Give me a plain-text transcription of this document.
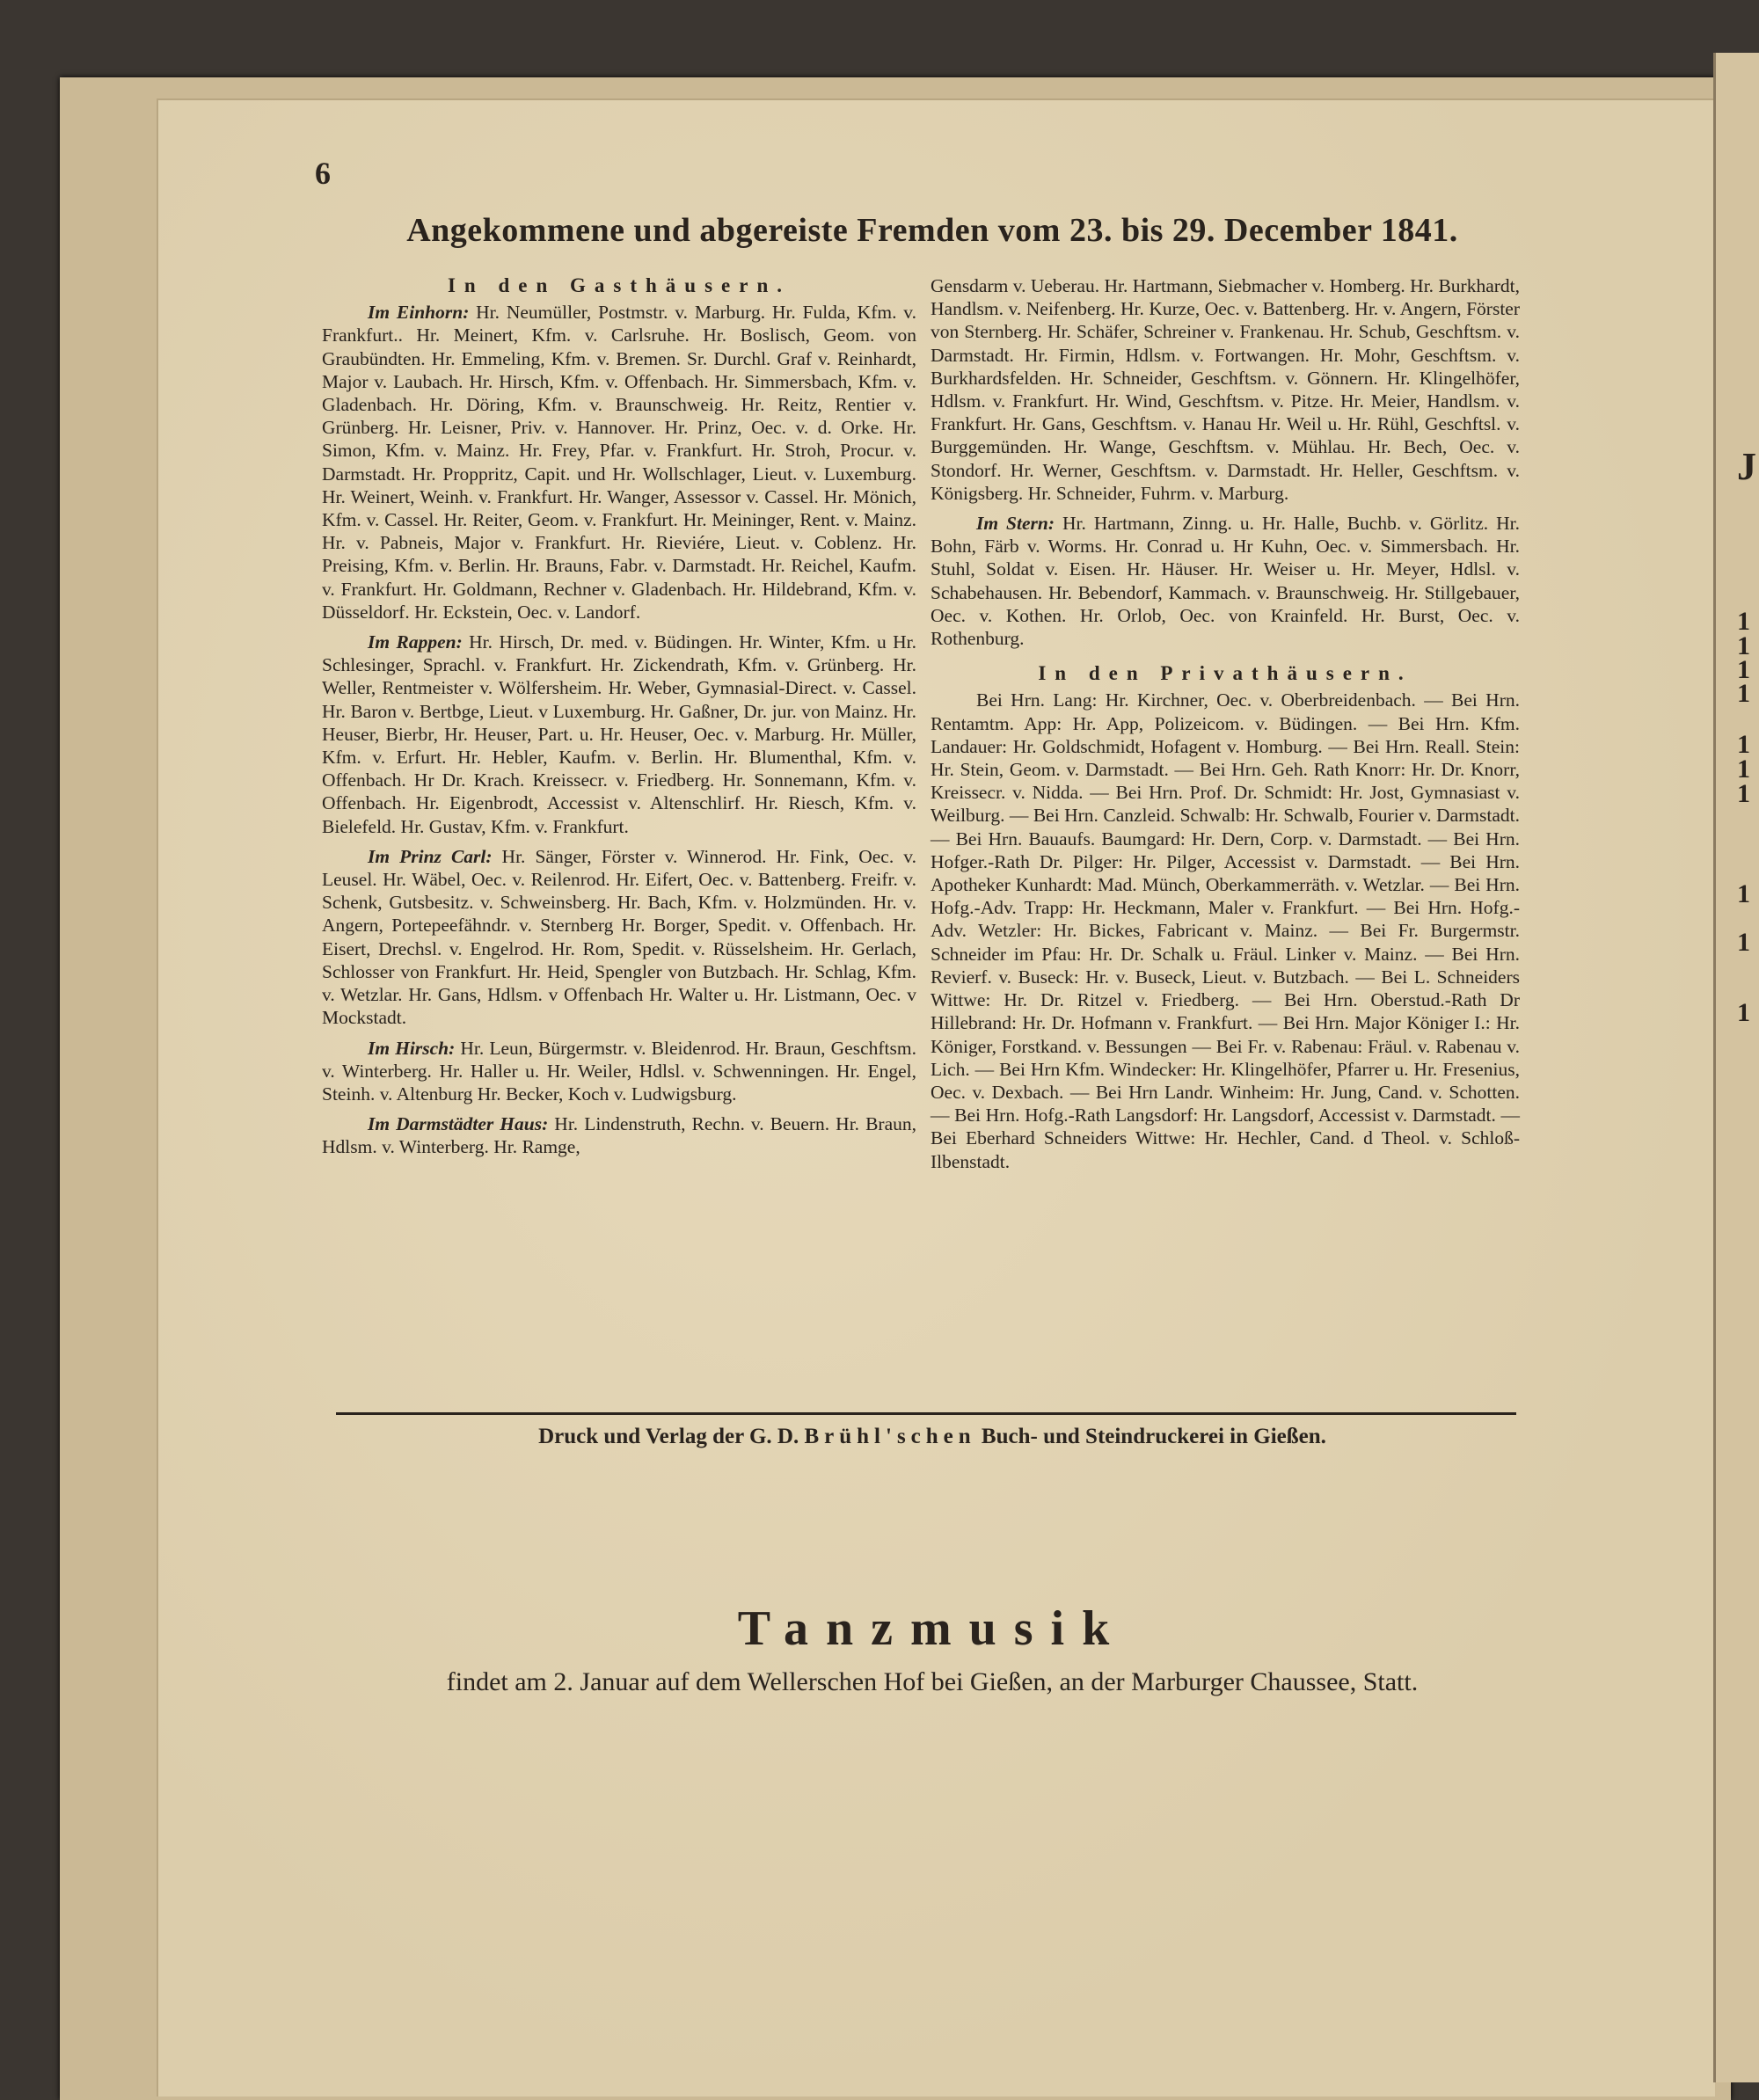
J
1
1
1
1
1
1
1
1
1
1
6
Angekommene und abgereiste Fremden vom 23. bis 29. December 1841.
In den Gasthäusern.

Im Einhorn: Hr. Neumüller, Postmstr. v. Marburg. Hr. Fulda, Kfm. v. Frankfurt.. Hr. Meinert, Kfm. v. Carlsruhe. Hr. Boslisch, Geom. von Graubündten. Hr. Emmeling, Kfm. v. Bremen. Sr. Durchl. Graf v. Reinhardt, Major v. Laubach. Hr. Hirsch, Kfm. v. Offenbach. Hr. Simmersbach, Kfm. v. Gladenbach. Hr. Döring, Kfm. v. Braunschweig. Hr. Reitz, Rentier v. Grünberg. Hr. Leisner, Priv. v. Hannover. Hr. Prinz, Oec. v. d. Orke. Hr. Simon, Kfm. v. Mainz. Hr. Frey, Pfar. v. Frankfurt. Hr. Stroh, Procur. v. Darmstadt. Hr. Proppritz, Capit. und Hr. Wollschlager, Lieut. v. Luxemburg. Hr. Weinert, Weinh. v. Frankfurt. Hr. Wanger, Assessor v. Cassel. Hr. Mönich, Kfm. v. Cassel. Hr. Reiter, Geom. v. Frankfurt. Hr. Meininger, Rent. v. Mainz. Hr. v. Pabneis, Major v. Frankfurt. Hr. Rieviére, Lieut. v. Coblenz. Hr. Preising, Kfm. v. Berlin. Hr. Brauns, Fabr. v. Darmstadt. Hr. Reichel, Kaufm. v. Frankfurt. Hr. Goldmann, Rechner v. Gladenbach. Hr. Hildebrand, Kfm. v. Düsseldorf. Hr. Eckstein, Oec. v. Landorf.

Im Rappen: Hr. Hirsch, Dr. med. v. Büdingen. Hr. Winter, Kfm. u Hr. Schlesinger, Sprachl. v. Frankfurt. Hr. Zickendrath, Kfm. v. Grünberg. Hr. Weller, Rentmeister v. Wölfersheim. Hr. Weber, Gymnasial-Direct. v. Cassel. Hr. Baron v. Bertbge, Lieut. v Luxemburg. Hr. Gaßner, Dr. jur. von Mainz. Hr. Heuser, Bierbr, Hr. Heuser, Part. u. Hr. Heuser, Oec. v. Marburg. Hr. Müller, Kfm. v. Erfurt. Hr. Hebler, Kaufm. v. Berlin. Hr. Blumenthal, Kfm. v. Offenbach. Hr Dr. Krach. Kreissecr. v. Friedberg. Hr. Sonnemann, Kfm. v. Offenbach. Hr. Eigenbrodt, Accessist v. Altenschlirf. Hr. Riesch, Kfm. v. Bielefeld. Hr. Gustav, Kfm. v. Frankfurt.

Im Prinz Carl: Hr. Sänger, Förster v. Winnerod. Hr. Fink, Oec. v. Leusel. Hr. Wäbel, Oec. v. Reilenrod. Hr. Eifert, Oec. v. Battenberg. Freifr. v. Schenk, Gutsbesitz. v. Schweinsberg. Hr. Bach, Kfm. v. Holzmünden. Hr. v. Angern, Portepeefähndr. v. Sternberg Hr. Borger, Spedit. v. Offenbach. Hr. Eisert, Drechsl. v. Engelrod. Hr. Rom, Spedit. v. Rüsselsheim. Hr. Gerlach, Schlosser von Frankfurt. Hr. Heid, Spengler von Butzbach. Hr. Schlag, Kfm. v. Wetzlar. Hr. Gans, Hdlsm. v Offenbach Hr. Walter u. Hr. Listmann, Oec. v Mockstadt.

Im Hirsch: Hr. Leun, Bürgermstr. v. Bleidenrod. Hr. Braun, Geschftsm. v. Winterberg. Hr. Haller u. Hr. Weiler, Hdlsl. v. Schwenningen. Hr. Engel, Steinh. v. Altenburg Hr. Becker, Koch v. Ludwigsburg.

Im Darmstädter Haus: Hr. Lindenstruth, Rechn. v. Beuern. Hr. Braun, Hdlsm. v. Winterberg. Hr. Ramge,

Gensdarm v. Ueberau. Hr. Hartmann, Siebmacher v. Homberg. Hr. Burkhardt, Handlsm. v. Neifenberg. Hr. Kurze, Oec. v. Battenberg. Hr. v. Angern, Förster von Sternberg. Hr. Schäfer, Schreiner v. Frankenau. Hr. Schub, Geschftsm. v. Darmstadt. Hr. Firmin, Hdlsm. v. Fortwangen. Hr. Mohr, Geschftsm. v. Burkhardsfelden. Hr. Schneider, Geschftsm. v. Gönnern. Hr. Klingelhöfer, Hdlsm. v. Frankfurt. Hr. Wind, Geschftsm. v. Pitze. Hr. Meier, Handlsm. v. Frankfurt. Hr. Gans, Geschftsm. v. Hanau Hr. Weil u. Hr. Rühl, Geschftsl. v. Burggemünden. Hr. Wange, Geschftsm. v. Mühlau. Hr. Bech, Oec. v. Stondorf. Hr. Werner, Geschftsm. v. Darmstadt. Hr. Heller, Geschftsm. v. Königsberg. Hr. Schneider, Fuhrm. v. Marburg.

Im Stern: Hr. Hartmann, Zinng. u. Hr. Halle, Buchb. v. Görlitz. Hr. Bohn, Färb v. Worms. Hr. Conrad u. Hr Kuhn, Oec. v. Simmersbach. Hr. Stuhl, Soldat v. Eisen. Hr. Häuser. Hr. Weiser u. Hr. Meyer, Hdlsl. v. Schabehausen. Hr. Bebendorf, Kammach. v. Braunschweig. Hr. Stillgebauer, Oec. v. Kothen. Hr. Orlob, Oec. von Krainfeld. Hr. Burst, Oec. v. Rothenburg.

In den Privathäusern.

Bei Hrn. Lang: Hr. Kirchner, Oec. v. Oberbreidenbach. — Bei Hrn. Rentamtm. App: Hr. App, Polizeicom. v. Büdingen. — Bei Hrn. Kfm. Landauer: Hr. Goldschmidt, Hofagent v. Homburg. — Bei Hrn. Reall. Stein: Hr. Stein, Geom. v. Darmstadt. — Bei Hrn. Geh. Rath Knorr: Hr. Dr. Knorr, Kreissecr. v. Nidda. — Bei Hrn. Prof. Dr. Schmidt: Hr. Jost, Gymnasiast v. Weilburg. — Bei Hrn. Canzleid. Schwalb: Hr. Schwalb, Fourier v. Darmstadt. — Bei Hrn. Bauaufs. Baumgard: Hr. Dern, Corp. v. Darmstadt. — Bei Hrn. Hofger.-Rath Dr. Pilger: Hr. Pilger, Accessist v. Darmstadt. — Bei Hrn. Apotheker Kunhardt: Mad. Münch, Oberkammerräth. v. Wetzlar. — Bei Hrn. Hofg.-Adv. Trapp: Hr. Heckmann, Maler v. Frankfurt. — Bei Hrn. Hofg.-Adv. Wetzler: Hr. Bickes, Fabricant v. Mainz. — Bei Fr. Burgermstr. Schneider im Pfau: Hr. Dr. Schalk u. Fräul. Linker v. Mainz. — Bei Hrn. Revierf. v. Buseck: Hr. v. Buseck, Lieut. v. Butzbach. — Bei L. Schneiders Wittwe: Hr. Dr. Ritzel v. Friedberg. — Bei Hrn. Oberstud.-Rath Dr Hillebrand: Hr. Dr. Hofmann v. Frankfurt. — Bei Hrn. Major Königer I.: Hr. Königer, Forstkand. v. Bessungen — Bei Fr. v. Rabenau: Fräul. v. Rabenau v. Lich. — Bei Hrn Kfm. Windecker: Hr. Klingelhöfer, Pfarrer u. Hr. Fresenius, Oec. v. Dexbach. — Bei Hrn Landr. Winheim: Hr. Jung, Cand. v. Schotten. — Bei Hrn. Hofg.-Rath Langsdorf: Hr. Langsdorf, Accessist v. Darmstadt. — Bei Eberhard Schneiders Wittwe: Hr. Hechler, Cand. d Theol. v. Schloß-Ilbenstadt.

Druck und Verlag der G. D. Brühl'schen Buch- und Steindruckerei in Gießen.
Tanzmusik
findet am 2. Januar auf dem Wellerschen Hof bei Gießen, an der Marburger Chaussee, Statt.
